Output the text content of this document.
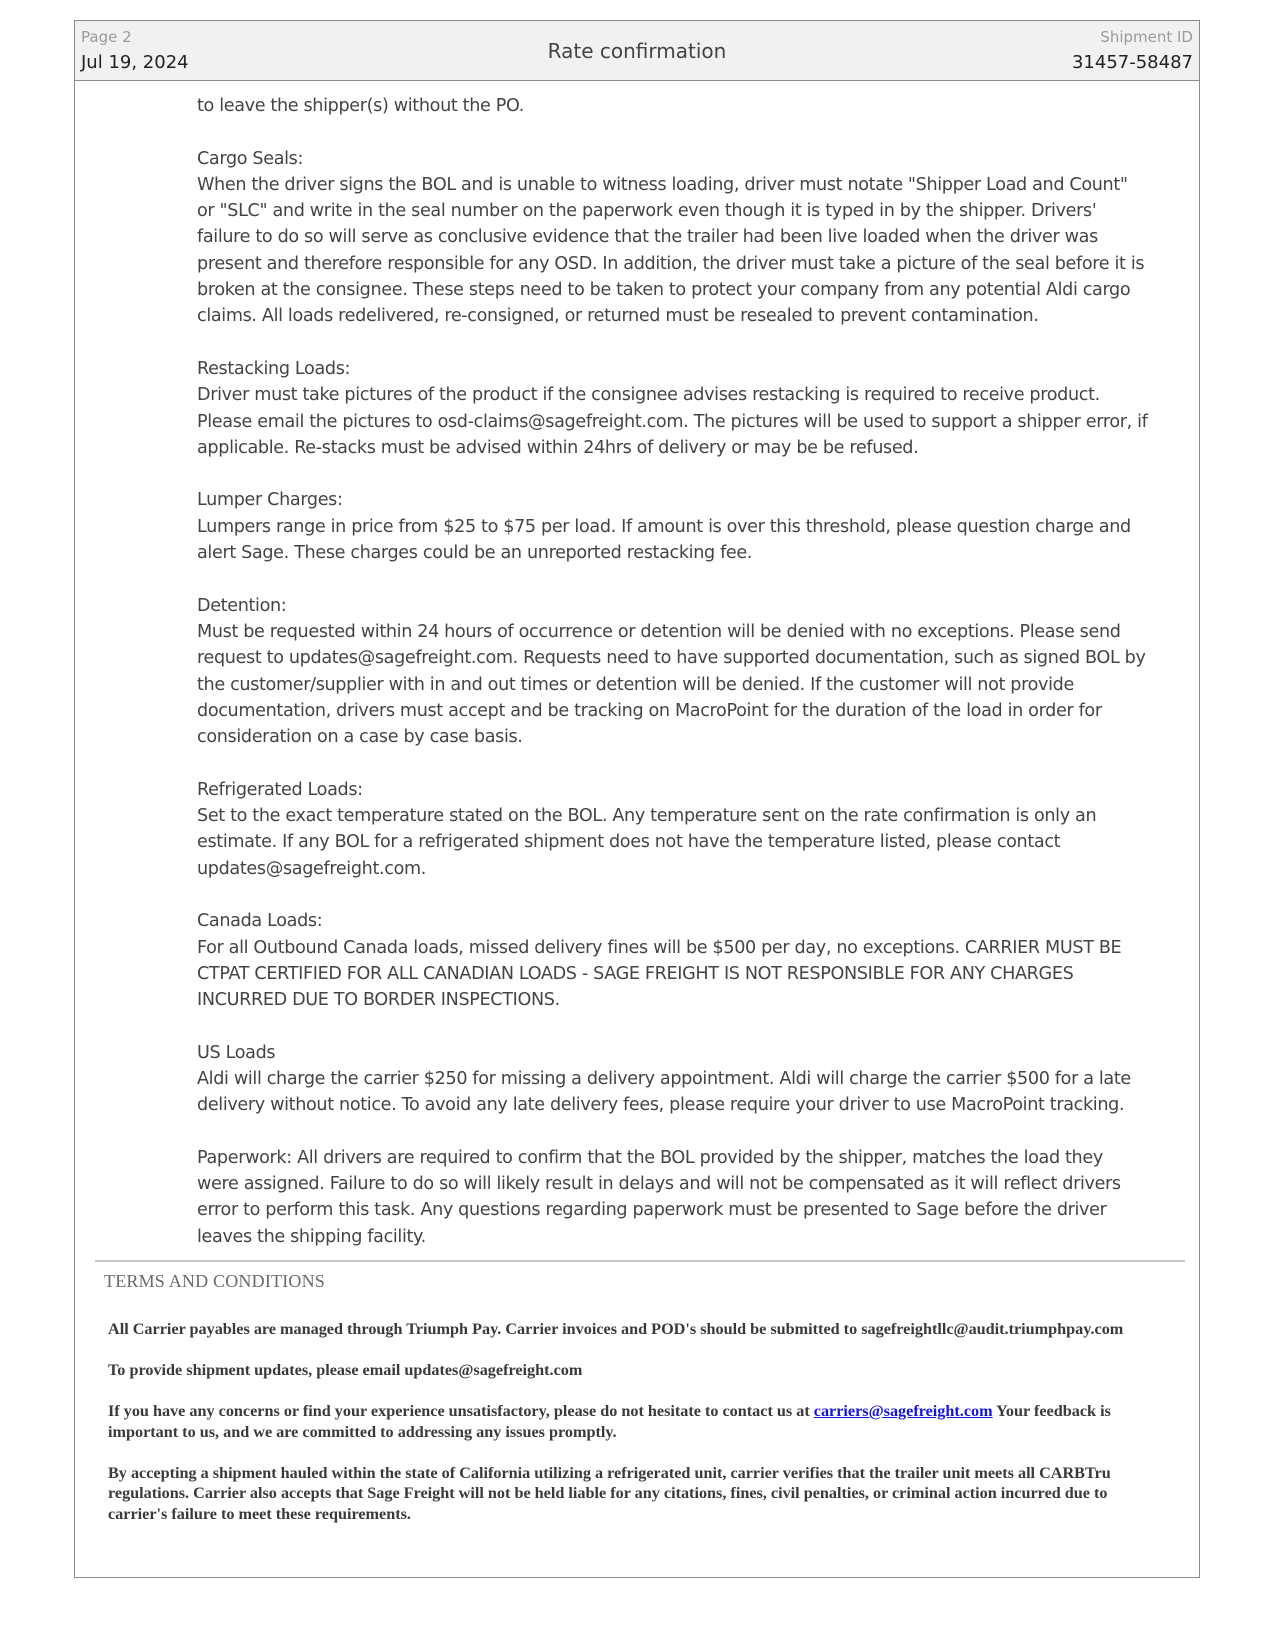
Page 2
Jul 19, 2024	Rate confirmation
Shipment ID
31457-58487

to leave the shipper(s) without the PO.

Cargo Seals:
When the driver signs the BOL and is unable to witness loading, driver must notate "Shipper Load and Count" or "SLC" and write in the seal number on the paperwork even though it is typed in by the shipper. Drivers' failure to do so will serve as conclusive evidence that the trailer had been live loaded when the driver was present and therefore responsible for any OSD. In addition, the driver must take a picture of the seal before it is broken at the consignee. These steps need to be taken to protect your company from any potential Aldi cargo claims. All loads redelivered, re-consigned, or returned must be resealed to prevent contamination.

Restacking Loads:
Driver must take pictures of the product if the consignee advises restacking is required to receive product. Please email the pictures to osd-claims@sagefreight.com. The pictures will be used to support a shipper error, if applicable. Re-stacks must be advised within 24hrs of delivery or may be be refused.

Lumper Charges:
Lumpers range in price from $25 to $75 per load. If amount is over this threshold, please question charge and alert Sage. These charges could be an unreported restacking fee.

Detention:
Must be requested within 24 hours of occurrence or detention will be denied with no exceptions. Please send request to updates@sagefreight.com. Requests need to have supported documentation, such as signed BOL by the customer/supplier with in and out times or detention will be denied. If the customer will not provide documentation, drivers must accept and be tracking on MacroPoint for the duration of the load in order for consideration on a case by case basis.

Refrigerated Loads:
Set to the exact temperature stated on the BOL. Any temperature sent on the rate confirmation is only an estimate. If any BOL for a refrigerated shipment does not have the temperature listed, please contact updates@sagefreight.com.

Canada Loads:
For all Outbound Canada loads, missed delivery fines will be $500 per day, no exceptions. CARRIER MUST BE CTPAT CERTIFIED FOR ALL CANADIAN LOADS - SAGE FREIGHT IS NOT RESPONSIBLE FOR ANY CHARGES INCURRED DUE TO BORDER INSPECTIONS.

US Loads
Aldi will charge the carrier $250 for missing a delivery appointment. Aldi will charge the carrier $500 for a late delivery without notice. To avoid any late delivery fees, please require your driver to use MacroPoint tracking.

Paperwork: All drivers are required to confirm that the BOL provided by the shipper, matches the load they were assigned. Failure to do so will likely result in delays and will not be compensated as it will reflect drivers error to perform this task. Any questions regarding paperwork must be presented to Sage before the driver leaves the shipping facility.

TERMS AND CONDITIONS

All Carrier payables are managed through Triumph Pay. Carrier invoices and POD's should be submitted to sagefreightllc@audit.triumphpay.com

To provide shipment updates, please email updates@sagefreight.com

If you have any concerns or find your experience unsatisfactory, please do not hesitate to contact us at carriers@sagefreight.com Your feedback is important to us, and we are committed to addressing any issues promptly.

By accepting a shipment hauled within the state of California utilizing a refrigerated unit, carrier verifies that the trailer unit meets all CARBTru regulations. Carrier also accepts that Sage Freight will not be held liable for any citations, fines, civil penalties, or criminal action incurred due to carrier's failure to meet these requirements.
